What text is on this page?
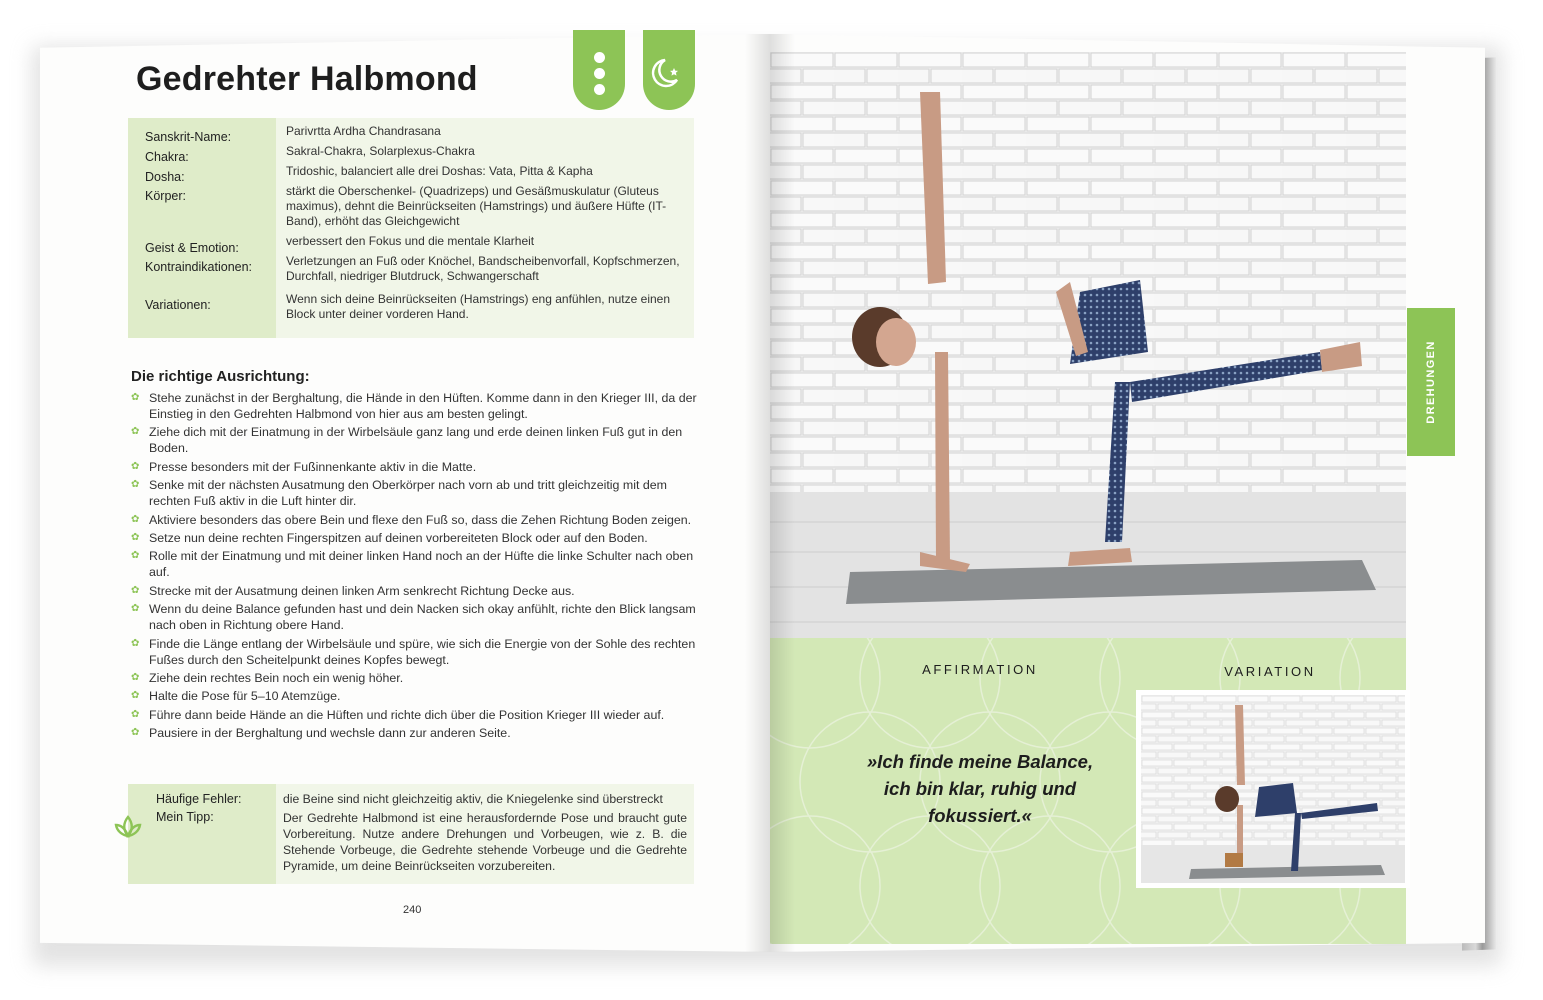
Gedrehter Halbmond
Sanskrit-Name:
Chakra:
Dosha:
Körper:
Geist & Emotion:
Kontraindikationen:
Variationen:
Parivrtta Ardha Chandrasana
Sakral-Chakra, Solarplexus-Chakra
Tridoshic, balanciert alle drei Doshas: Vata, Pitta & Kapha
stärkt die Oberschenkel- (Quadrizeps) und Gesäßmuskulatur (Gluteus maximus), dehnt die Beinrückseiten (Hamstrings) und äußere Hüfte (IT-Band), erhöht das Gleichgewicht
verbessert den Fokus und die mentale Klarheit
Verletzungen an Fuß oder Knöchel, Bandscheibenvorfall, Kopfschmerzen, Durchfall, niedriger Blutdruck, Schwangerschaft
Wenn sich deine Beinrückseiten (Hamstrings) eng anfühlen, nutze einen Block unter deiner vorderen Hand.
Die richtige Ausrichtung:
✿ Stehe zunächst in der Berghaltung, die Hände in den Hüften. Komme dann in den Krieger III, da der Einstieg in den Gedrehten Halbmond von hier aus am besten gelingt.
✿ Ziehe dich mit der Einatmung in der Wirbelsäule ganz lang und erde deinen linken Fuß gut in den Boden.
✿ Presse besonders mit der Fußinnenkante aktiv in die Matte.
✿ Senke mit der nächsten Ausatmung den Oberkörper nach vorn ab und tritt gleichzeitig mit dem rechten Fuß aktiv in die Luft hinter dir.
✿ Aktiviere besonders das obere Bein und flexe den Fuß so, dass die Zehen Richtung Boden zeigen.
✿ Setze nun deine rechten Fingerspitzen auf deinen vorbereiteten Block oder auf den Boden.
✿ Rolle mit der Einatmung und mit deiner linken Hand noch an der Hüfte die linke Schulter nach oben auf.
✿ Strecke mit der Ausatmung deinen linken Arm senkrecht Richtung Decke aus.
✿ Wenn du deine Balance gefunden hast und dein Nacken sich okay anfühlt, richte den Blick langsam nach oben in Richtung obere Hand.
✿ Finde die Länge entlang der Wirbelsäule und spüre, wie sich die Energie von der Sohle des rechten Fußes durch den Scheitelpunkt deines Kopfes bewegt.
✿ Ziehe dein rechtes Bein noch ein wenig höher.
✿ Halte die Pose für 5–10 Atemzüge.
✿ Führe dann beide Hände an die Hüften und richte dich über die Position Krieger III wieder auf.
✿ Pausiere in der Berghaltung und wechsle dann zur anderen Seite.
Häufige Fehler:
Mein Tipp:
die Beine sind nicht gleichzeitig aktiv, die Kniegelenke sind überstreckt
Der Gedrehte Halbmond ist eine herausfordernde Pose und braucht gute Vorbereitung. Nutze andere Drehungen und Vorbeugen, wie z. B. die Stehende Vorbeuge, die Gedrehte stehende Vorbeuge und die Gedrehte Pyramide, um deine Beinrückseiten vorzubereiten.
240
DREHUNGEN
AFFIRMATION	VARIATION
»Ich finde meine Balance, ich bin klar, ruhig und fokussiert.«
